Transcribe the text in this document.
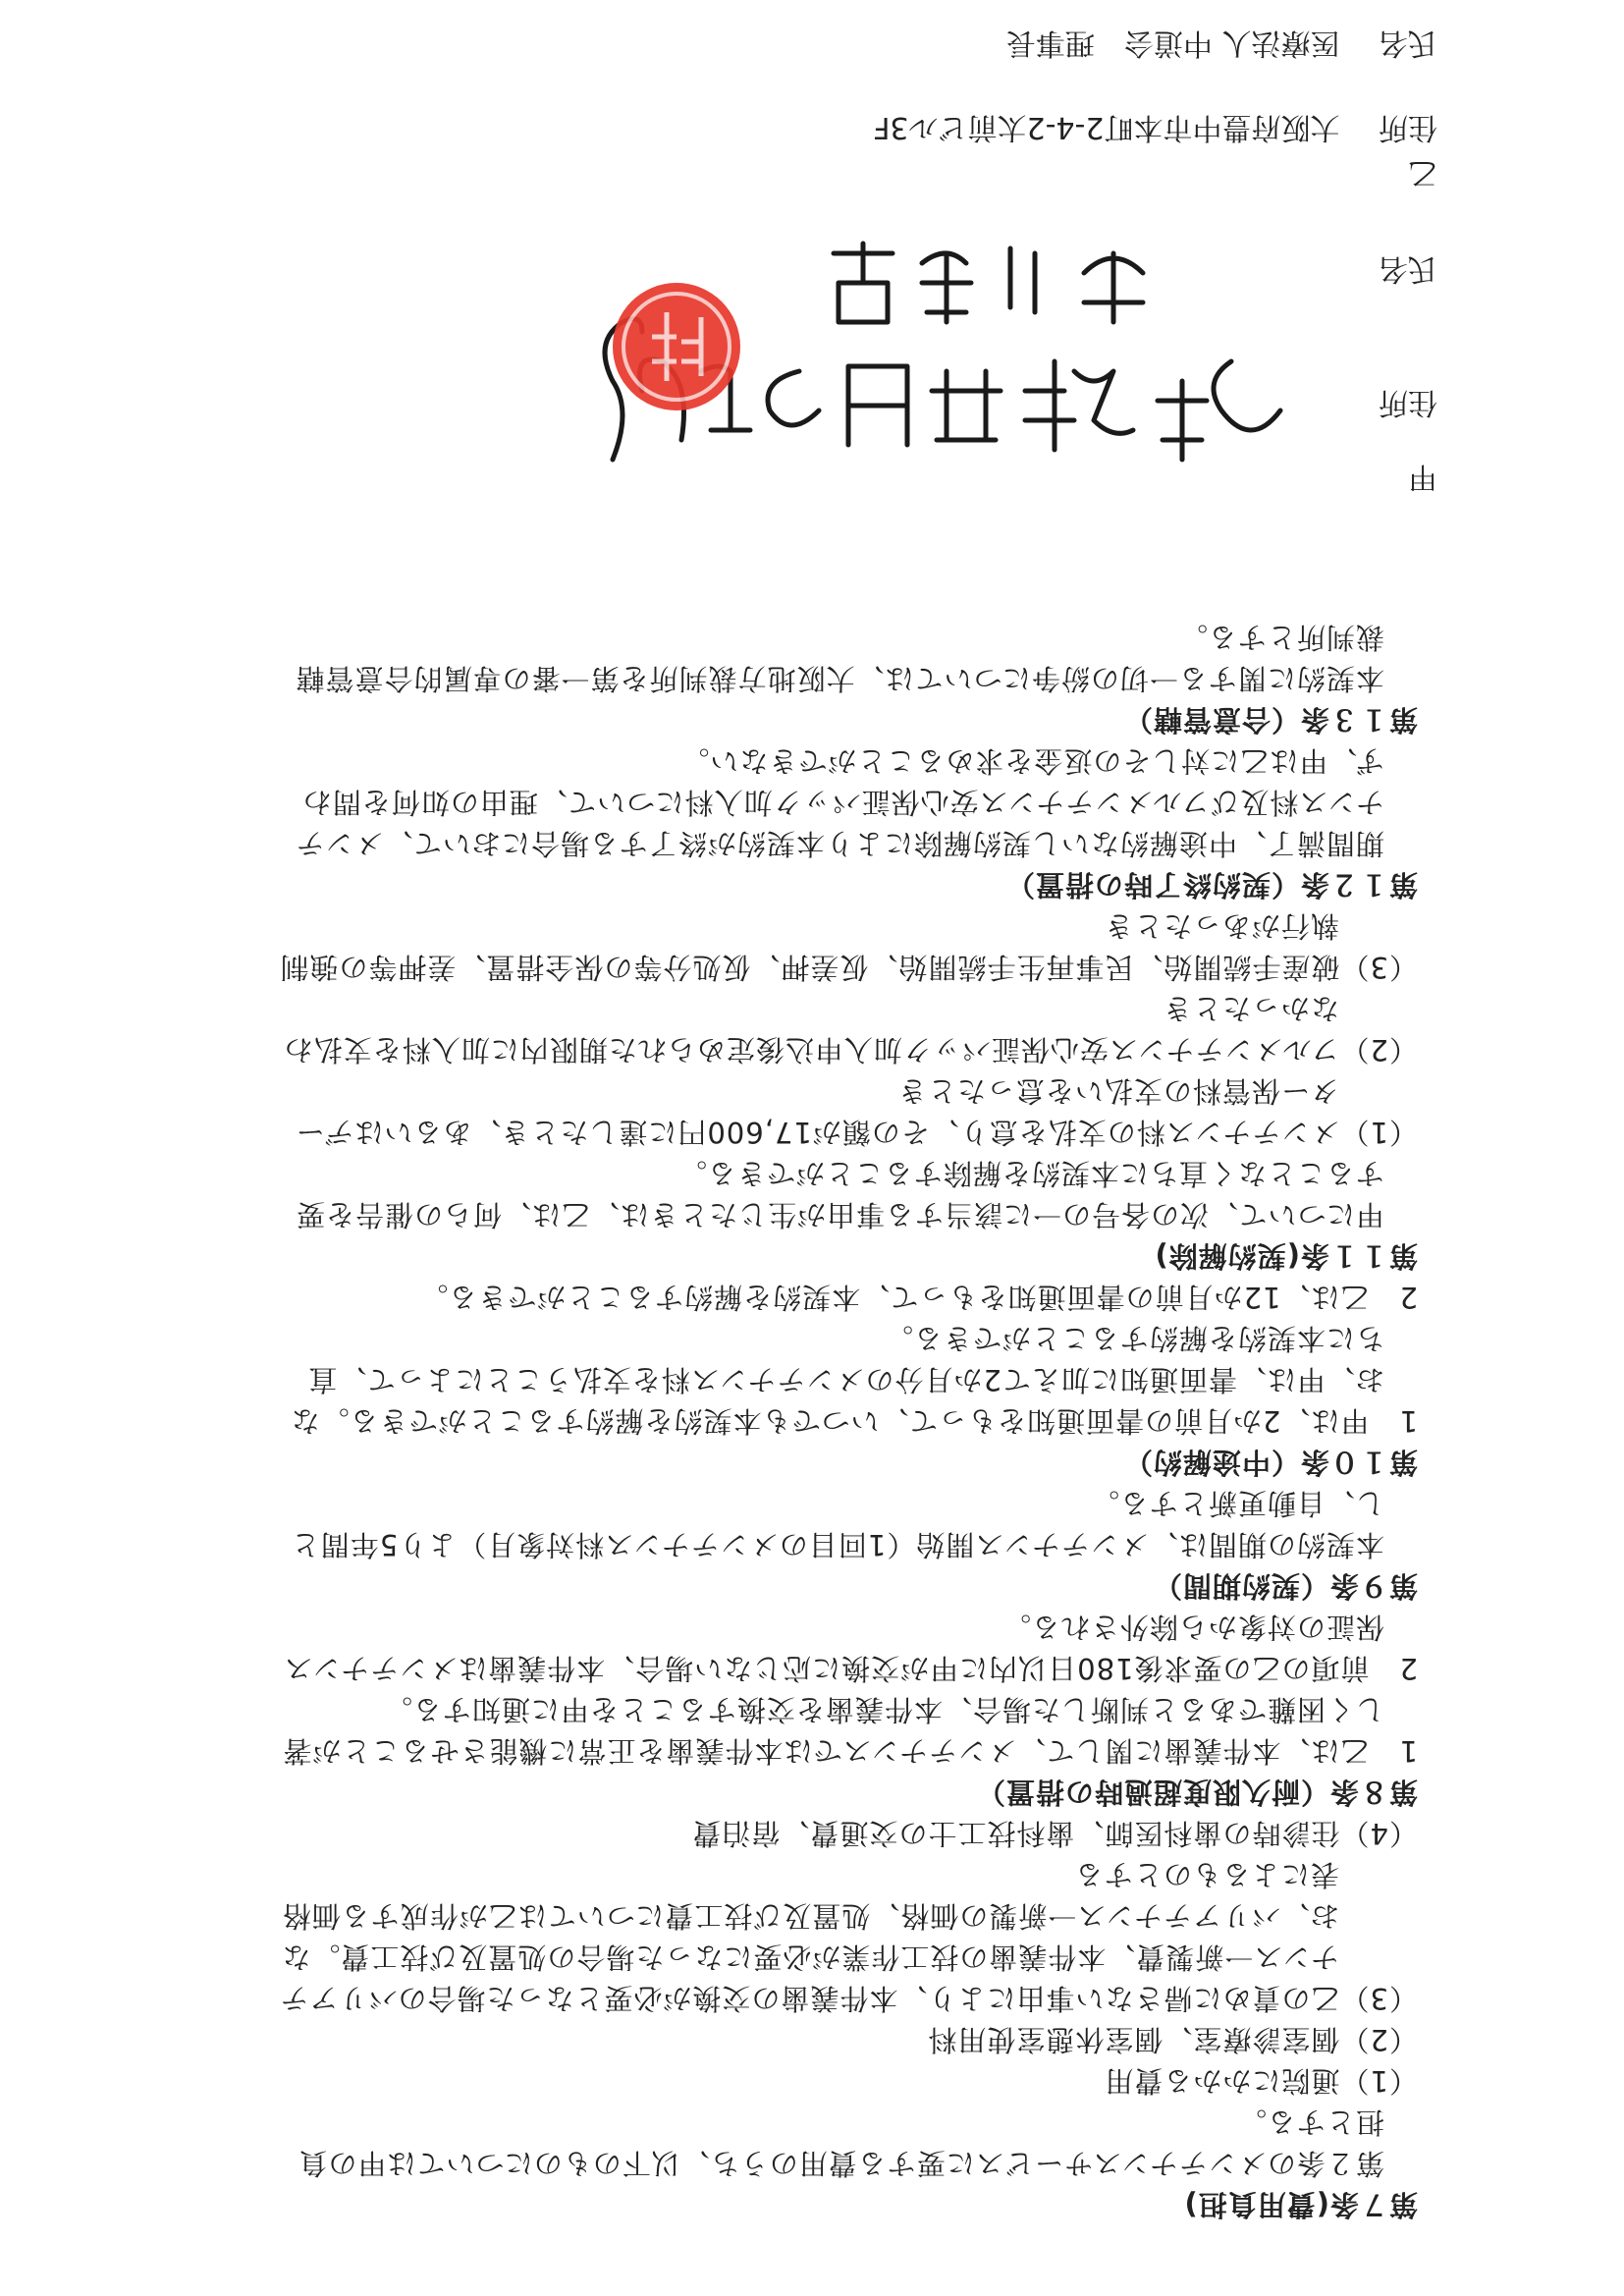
第７条(費用負担)

第２条のメンテナンスサービスに要する費用のうち、以下のものについては甲の負担とする。

（1）通院にかかる費用

（2）個室診療室、個室休憩室使用料

（3）乙の責めに帰さない事由により、本件義歯の交換が必要となった場合のバリアテナンス一新製費、本件義歯の技工作業が必要になった場合の処置及び技工費。なお、バリアテナンス一新製の価格、処置及び技工費については乙が作成する価格表によるものとする

（4）往診時の歯科医師、歯科技工士の交通費、宿泊費

第８条（耐久限度超過時の措置）

1　乙は、本件義歯に関して、メンテナンスでは本件義歯を正常に機能させることが著しく困難であると判断した場合、本件義歯を交換することを甲に通知する。

2　前項の乙の要求後180日以内に甲が交換に応じない場合、本件義歯はメンテナンス保証の対象から除外される。

第９条（契約期間）

本契約の期間は、メンテナンス開始（1回目のメンテナンス料対象月）より5年間とし、自動更新とする。

第１０条（中途解約）

1　甲は、2か月前の書面通知をもって、いつでも本契約を解約することができる。なお、甲は、書面通知に加えて2か月分のメンテナンス料を支払うことによって、直ちに本契約を解約することができる。

2　乙は、12か月前の書面通知をもって、本契約を解約することができる。

第１１条(契約解除)

甲について、次の各号の一に該当する事由が生じたときは、乙は、何らの催告を要することなく直ちに本契約を解除することができる。

（1）メンテナンス料の支払を怠り、その額が17,600円に達したとき、あるいはデーター保管料の支払いを怠ったとき

（2）フルメンテナンス安心保証パック加入申込後定められた期限内に加入料を支払わなかったとき

（3）破産手続開始、民事再生手続開始、仮差押、仮処分等の保全措置、差押等の強制執行があったとき

第１２条（契約終了時の措置）

期間満了、中途解約ないし契約解除により本契約が終了する場合において、メンテナンス料及びフルメンテナンス安心保証パック加入料について、理由の如何を問わず、甲は乙に対しその返金を求めることができない。

第１３条（合意管轄）

本契約に関する一切の紛争については、大阪地方裁判所を第一審の専属的合意管轄裁判所とする。

甲
住所
氏名
乙
住所 大阪府豊中市本町2-4-2太前ビル3F
氏名 医療法人 中道会　理事長
